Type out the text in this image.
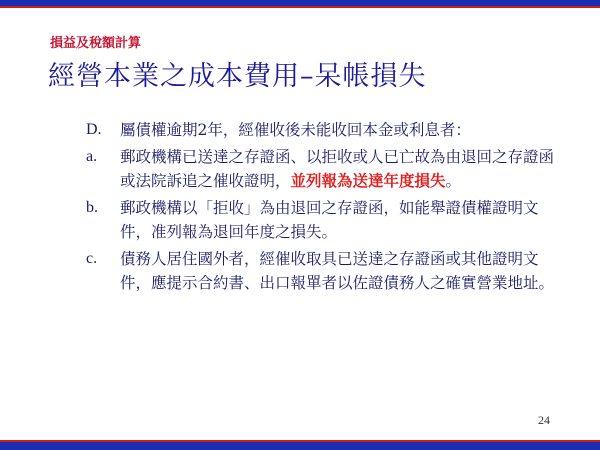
損益及稅額計算
經營本業之成本費用–呆帳損失
D. 屬債權逾期2年，經催收後未能收回本金或利息者：
a. 郵政機構已送達之存證函、以拒收或人已亡故為由退回之存證函或法院訴追之催收證明，並列報為送達年度損失。
b. 郵政機構以「拒收」為由退回之存證函，如能舉證債權證明文件，准列報為退回年度之損失。
c. 債務人居住國外者，經催收取具已送達之存證函或其他證明文件，應提示合約書、出口報單者以佐證債務人之確實營業地址。
24
